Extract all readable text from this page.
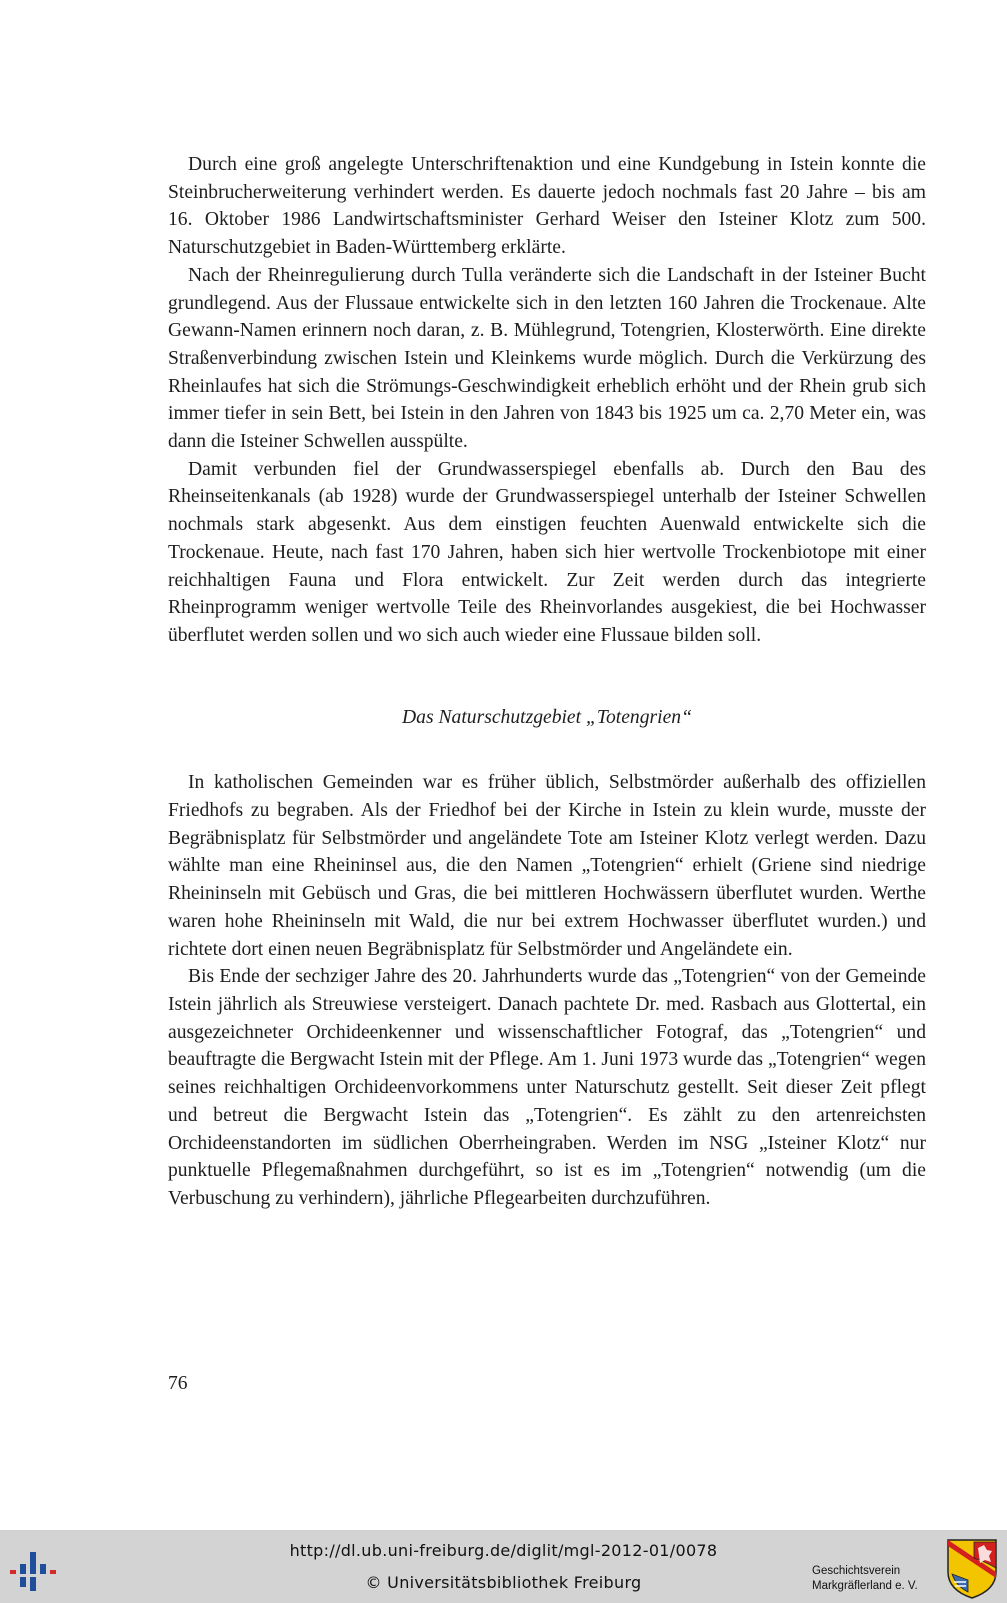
Durch eine groß angelegte Unterschriftenaktion und eine Kundgebung in Istein konnte die Steinbrucherweiterung verhindert werden. Es dauerte jedoch nochmals fast 20 Jahre – bis am 16. Oktober 1986 Landwirtschaftsminister Gerhard Weiser den Isteiner Klotz zum 500. Naturschutzgebiet in Baden-Württemberg erklärte.

Nach der Rheinregulierung durch Tulla veränderte sich die Landschaft in der Isteiner Bucht grundlegend. Aus der Flussaue entwickelte sich in den letzten 160 Jahren die Trockenaue. Alte Gewann-Namen erinnern noch daran, z. B. Mühlegrund, Totengrien, Klosterwörth. Eine direkte Straßenverbindung zwischen Istein und Kleinkems wurde möglich. Durch die Verkürzung des Rheinlaufes hat sich die Strömungs-Geschwindigkeit erheblich erhöht und der Rhein grub sich immer tiefer in sein Bett, bei Istein in den Jahren von 1843 bis 1925 um ca. 2,70 Meter ein, was dann die Isteiner Schwellen ausspülte.

Damit verbunden fiel der Grundwasserspiegel ebenfalls ab. Durch den Bau des Rheinseitenkanals (ab 1928) wurde der Grundwasserspiegel unterhalb der Isteiner Schwellen nochmals stark abgesenkt. Aus dem einstigen feuchten Auenwald entwickelte sich die Trockenaue. Heute, nach fast 170 Jahren, haben sich hier wertvolle Trockenbiotope mit einer reichhaltigen Fauna und Flora entwickelt. Zur Zeit werden durch das integrierte Rheinprogramm weniger wertvolle Teile des Rheinvorlandes ausgekiest, die bei Hochwasser überflutet werden sollen und wo sich auch wieder eine Flussaue bilden soll.

Das Naturschutzgebiet „Totengrien“

In katholischen Gemeinden war es früher üblich, Selbstmörder außerhalb des offiziellen Friedhofs zu begraben. Als der Friedhof bei der Kirche in Istein zu klein wurde, musste der Begräbnisplatz für Selbstmörder und angeländete Tote am Isteiner Klotz verlegt werden. Dazu wählte man eine Rheininsel aus, die den Namen „Totengrien“ erhielt (Griene sind niedrige Rheininseln mit Gebüsch und Gras, die bei mittleren Hochwässern überflutet wurden. Werthe waren hohe Rheininseln mit Wald, die nur bei extrem Hochwasser überflutet wurden.) und richtete dort einen neuen Begräbnisplatz für Selbstmörder und Angeländete ein.

Bis Ende der sechziger Jahre des 20. Jahrhunderts wurde das „Totengrien“ von der Gemeinde Istein jährlich als Streuwiese versteigert. Danach pachtete Dr. med. Rasbach aus Glottertal, ein ausgezeichneter Orchideenkenner und wissenschaftlicher Fotograf, das „Totengrien“ und beauftragte die Bergwacht Istein mit der Pflege. Am 1. Juni 1973 wurde das „Totengrien“ wegen seines reichhaltigen Orchideenvorkommens unter Naturschutz gestellt. Seit dieser Zeit pflegt und betreut die Bergwacht Istein das „Totengrien“. Es zählt zu den artenreichsten Orchideenstandorten im südlichen Oberrheingraben. Werden im NSG „Isteiner Klotz“ nur punktuelle Pflegemaßnahmen durchgeführt, so ist es im „Totengrien“ notwendig (um die Verbuschung zu verhindern), jährliche Pflegearbeiten durchzuführen.

76
http://dl.ub.uni-freiburg.de/diglit/mgl-2012-01/0078
© Universitätsbibliothek Freiburg
Geschichtsverein
Markgräflerland e. V.
